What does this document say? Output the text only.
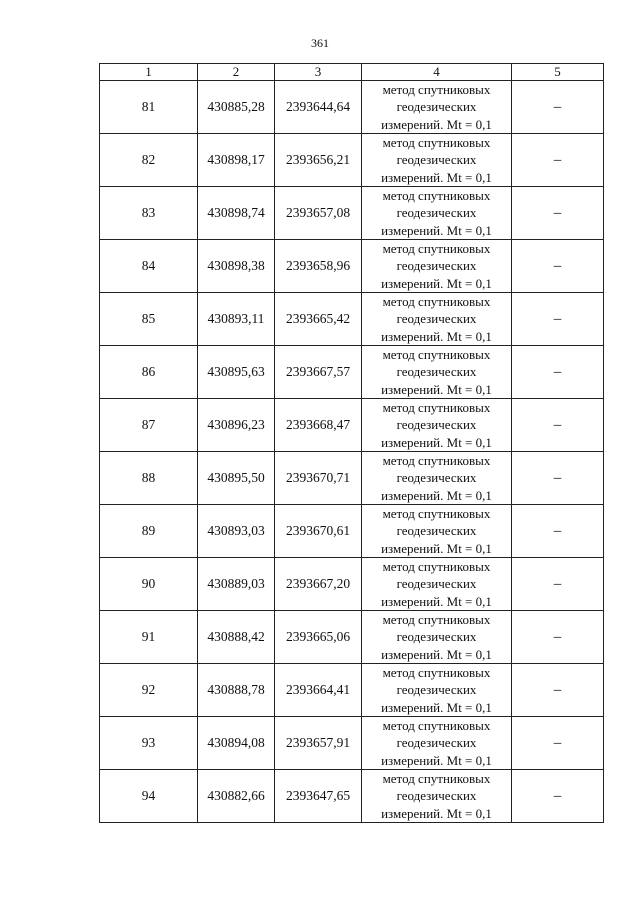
361
1	2	3	4	5
81	430885,28	2393644,64	метод спутниковых
геодезических
измерений. Mt = 0,1	–
82	430898,17	2393656,21	метод спутниковых
геодезических
измерений. Mt = 0,1	–
83	430898,74	2393657,08	метод спутниковых
геодезических
измерений. Mt = 0,1	–
84	430898,38	2393658,96	метод спутниковых
геодезических
измерений. Mt = 0,1	–
85	430893,11	2393665,42	метод спутниковых
геодезических
измерений. Mt = 0,1	–
86	430895,63	2393667,57	метод спутниковых
геодезических
измерений. Mt = 0,1	–
87	430896,23	2393668,47	метод спутниковых
геодезических
измерений. Mt = 0,1	–
88	430895,50	2393670,71	метод спутниковых
геодезических
измерений. Mt = 0,1	–
89	430893,03	2393670,61	метод спутниковых
геодезических
измерений. Mt = 0,1	–
90	430889,03	2393667,20	метод спутниковых
геодезических
измерений. Mt = 0,1	–
91	430888,42	2393665,06	метод спутниковых
геодезических
измерений. Mt = 0,1	–
92	430888,78	2393664,41	метод спутниковых
геодезических
измерений. Mt = 0,1	–
93	430894,08	2393657,91	метод спутниковых
геодезических
измерений. Mt = 0,1	–
94	430882,66	2393647,65	метод спутниковых
геодезических
измерений. Mt = 0,1	–
